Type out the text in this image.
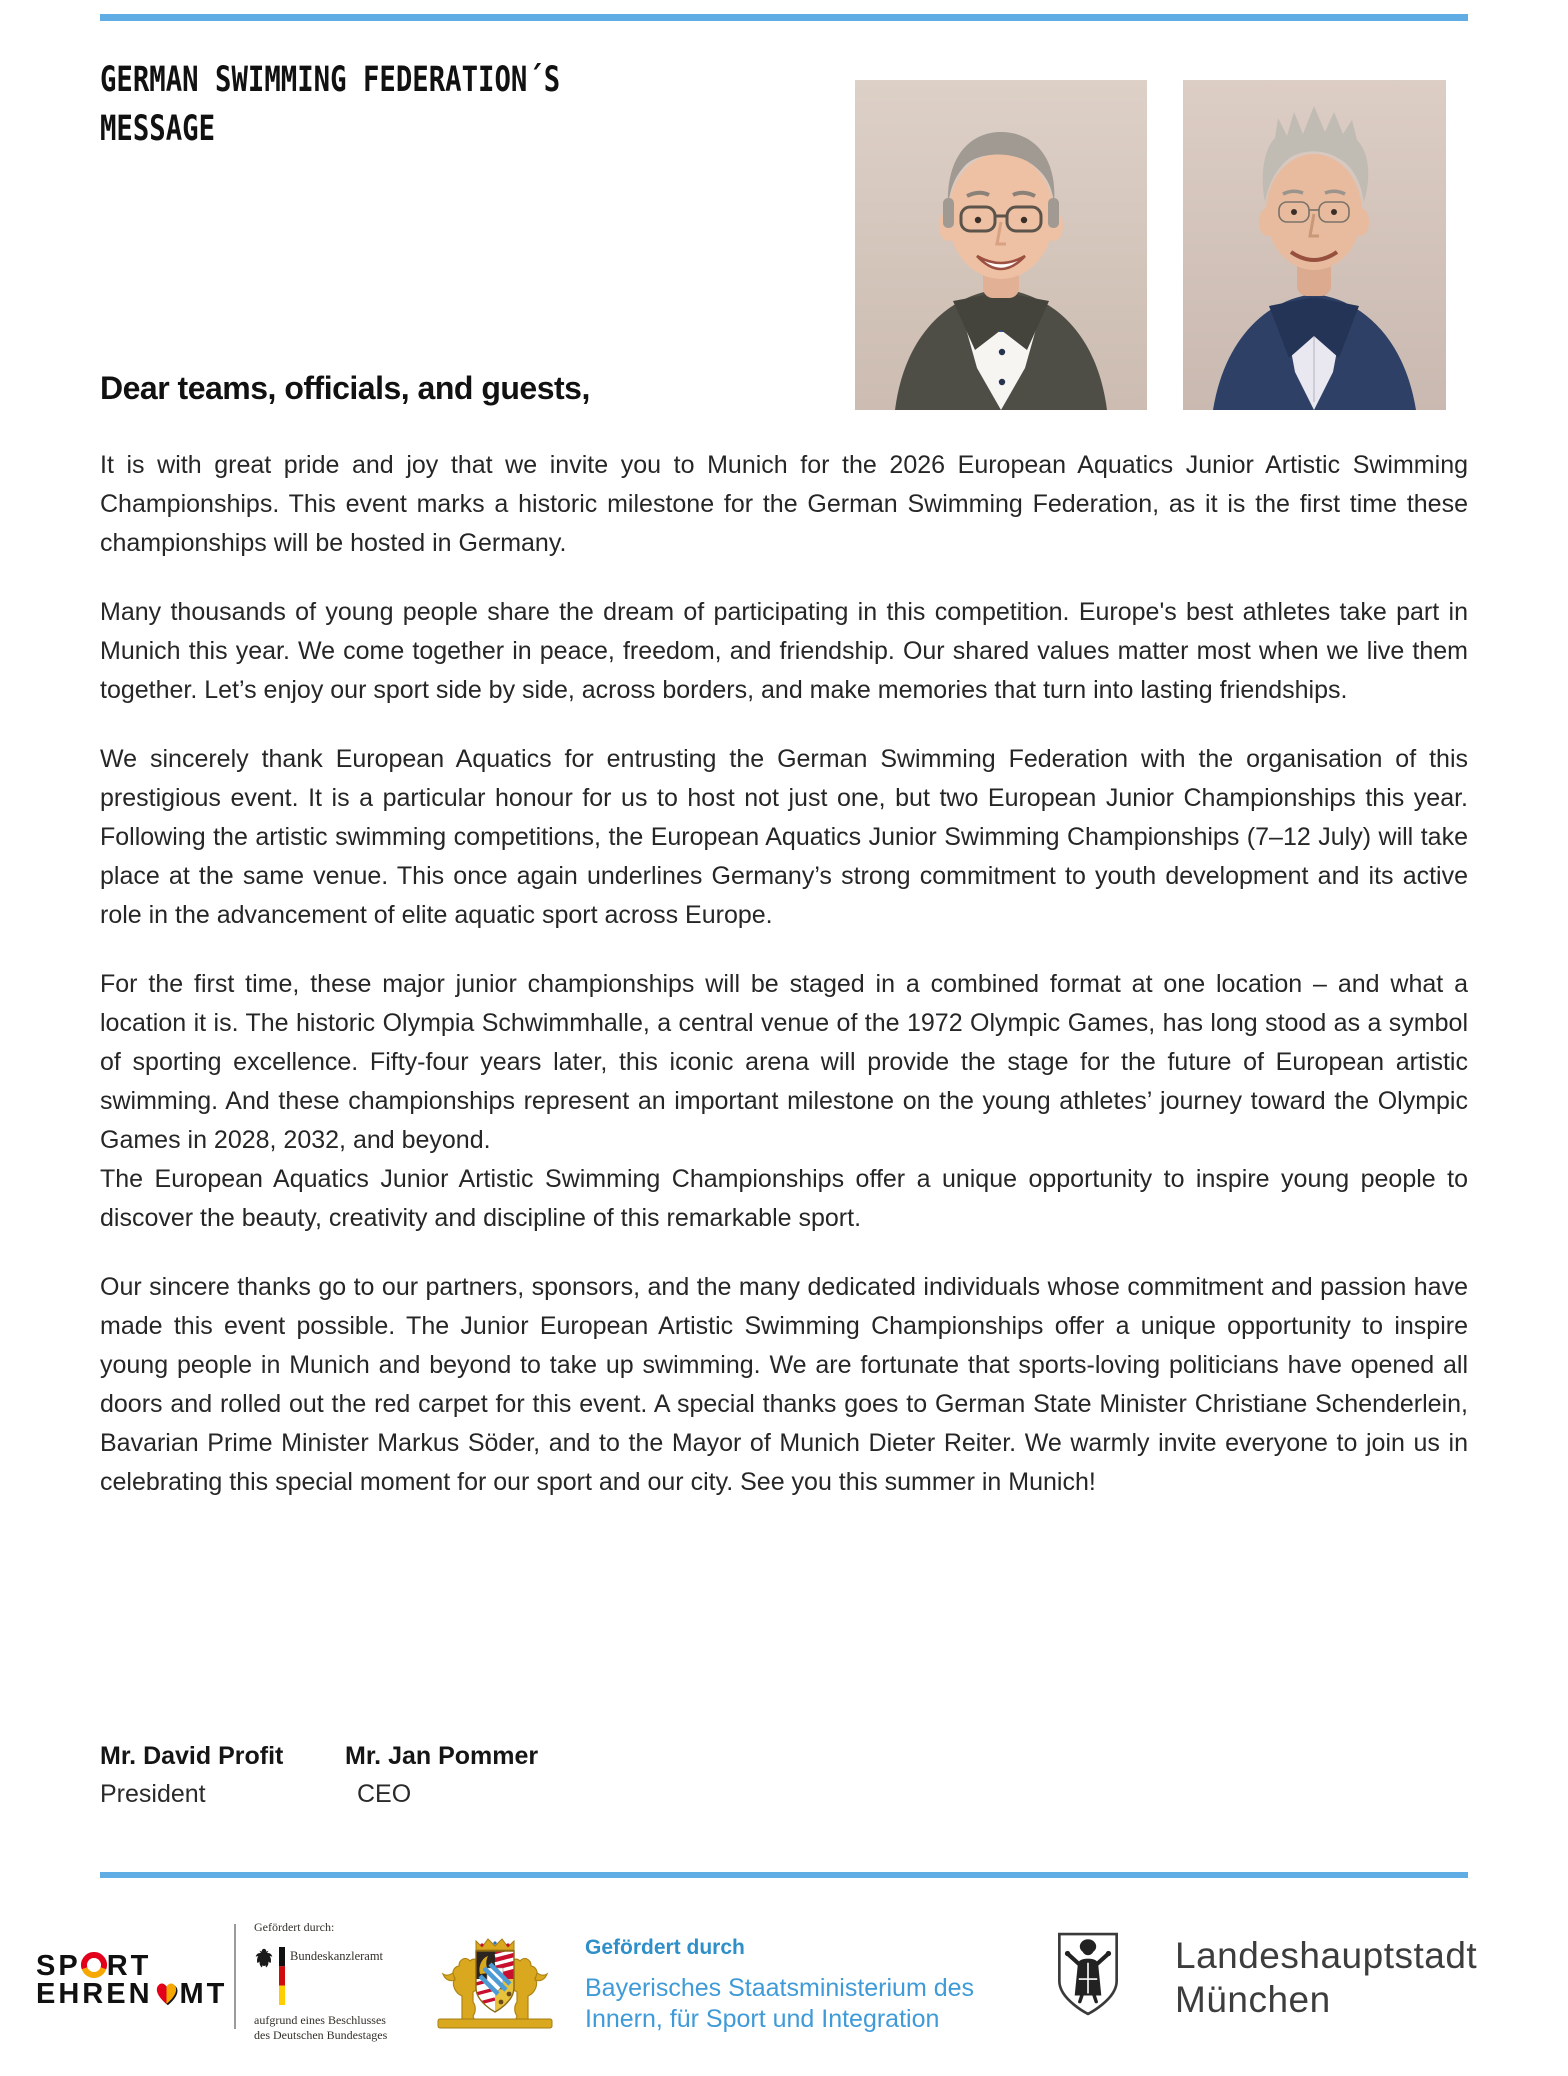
GERMAN SWIMMING FEDERATION´S
MESSAGE
Dear teams, officials, and guests,

It is with great pride and joy that we invite you to Munich for the 2026 European Aquatics Junior Artistic Swimming Championships. This event marks a historic milestone for the German Swimming Federation, as it is the first time these championships will be hosted in Germany.

Many thousands of young people share the dream of participating in this competition. Europe's best athletes take part in Munich this year. We come together in peace, freedom, and friendship. Our shared values matter most when we live them together. Let’s enjoy our sport side by side, across borders, and make memories that turn into lasting friendships.

We sincerely thank European Aquatics for entrusting the German Swimming Federation with the organisation of this prestigious event. It is a particular honour for us to host not just one, but two European Junior Championships this year. Following the artistic swimming competitions, the European Aquatics Junior Swimming Championships (7–12 July) will take place at the same venue. This once again underlines Germany’s strong commitment to youth development and its active role in the advancement of elite aquatic sport across Europe.

For the first time, these major junior championships will be staged in a combined format at one location – and what a location it is. The historic Olympia Schwimmhalle, a central venue of the 1972 Olympic Games, has long stood as a symbol of sporting excellence. Fifty-four years later, this iconic arena will provide the stage for the future of European artistic swimming. And these championships represent an important milestone on the young athletes’ journey toward the Olympic Games in 2028, 2032, and beyond.

The European Aquatics Junior Artistic Swimming Championships offer a unique opportunity to inspire young people to discover the beauty, creativity and discipline of this remarkable sport.

Our sincere thanks go to our partners, sponsors, and the many dedicated individuals whose commitment and passion have made this event possible. The Junior European Artistic Swimming Championships offer a unique opportunity to inspire young people in Munich and beyond to take up swimming. We are fortunate that sports-loving politicians have opened all doors and rolled out the red carpet for this event. A special thanks goes to German State Minister Christiane Schenderlein, Bavarian Prime Minister Markus Söder, and to the Mayor of Munich Dieter Reiter. We warmly invite everyone to join us in celebrating this special moment for our sport and our city. See you this summer in Munich!

Mr. David Profit Mr. Jan Pommer
President	CEO
SP RT
EHREN MT
Gefördert durch:
Bundeskanzleramt
aufgrund eines Beschlusses
des Deutschen Bundestages
Gefördert durch
Bayerisches Staatsministerium des
Innern, für Sport und Integration
Landeshauptstadt
München
